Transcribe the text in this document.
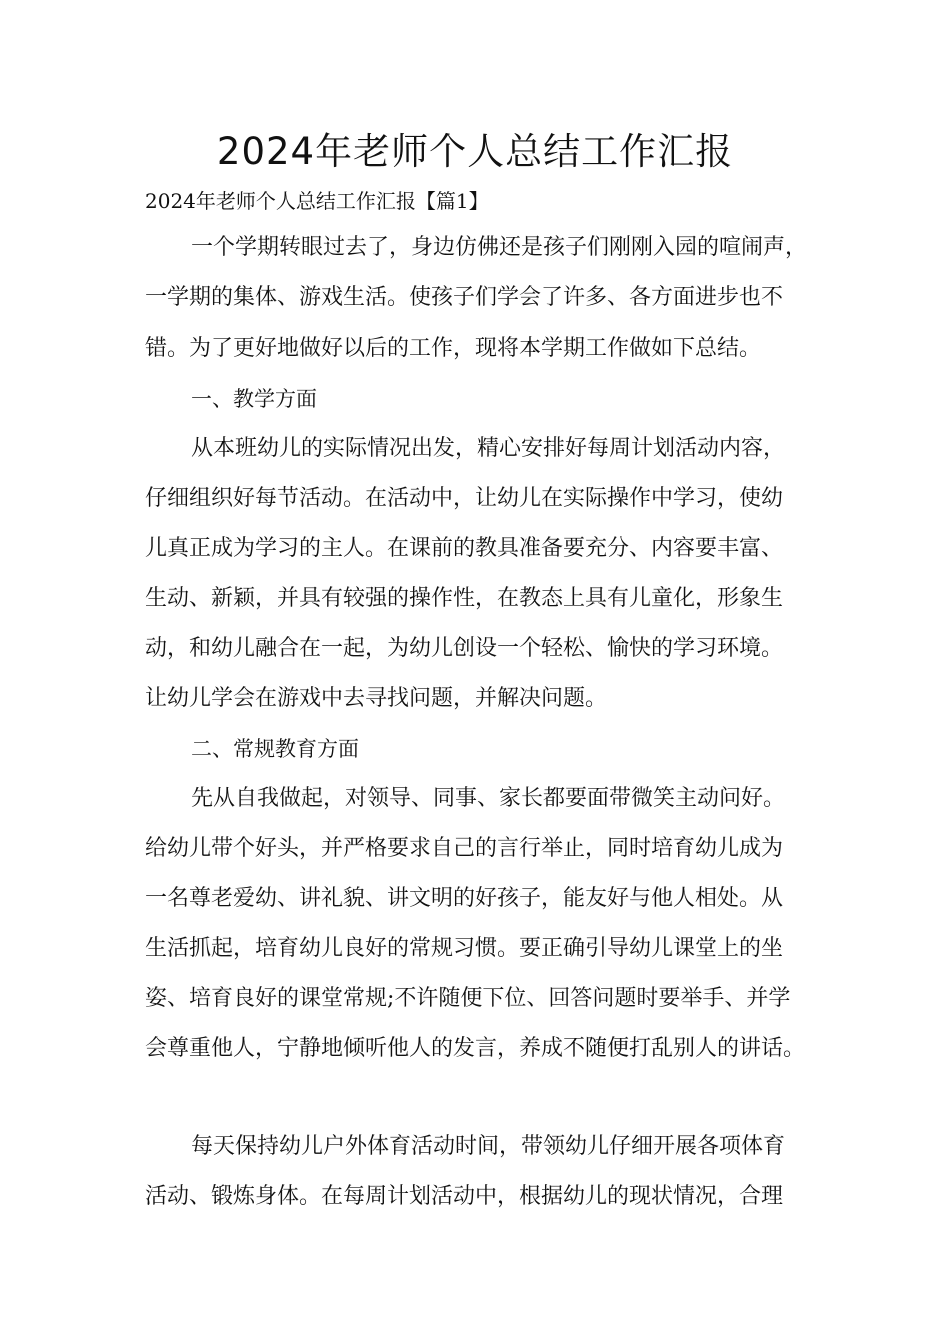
2024年老师个人总结工作汇报
2024年老师个人总结工作汇报【篇1】
一个学期转眼过去了，身边仿佛还是孩子们刚刚入园的喧闹声，
一学期的集体、游戏生活。使孩子们学会了许多、各方面进步也不
错。为了更好地做好以后的工作，现将本学期工作做如下总结。
一、教学方面
从本班幼儿的实际情况出发，精心安排好每周计划活动内容，
仔细组织好每节活动。在活动中，让幼儿在实际操作中学习，使幼
儿真正成为学习的主人。在课前的教具准备要充分、内容要丰富、
生动、新颖，并具有较强的操作性，在教态上具有儿童化，形象生
动，和幼儿融合在一起，为幼儿创设一个轻松、愉快的学习环境。
让幼儿学会在游戏中去寻找问题，并解决问题。
二、常规教育方面
先从自我做起，对领导、同事、家长都要面带微笑主动问好。
给幼儿带个好头，并严格要求自己的言行举止，同时培育幼儿成为
一名尊老爱幼、讲礼貌、讲文明的好孩子，能友好与他人相处。从
生活抓起，培育幼儿良好的常规习惯。要正确引导幼儿课堂上的坐
姿、培育良好的课堂常规;不许随便下位、回答问题时要举手、并学
会尊重他人，宁静地倾听他人的发言，养成不随便打乱别人的讲话。
每天保持幼儿户外体育活动时间，带领幼儿仔细开展各项体育
活动、锻炼身体。在每周计划活动中，根据幼儿的现状情况，合理
